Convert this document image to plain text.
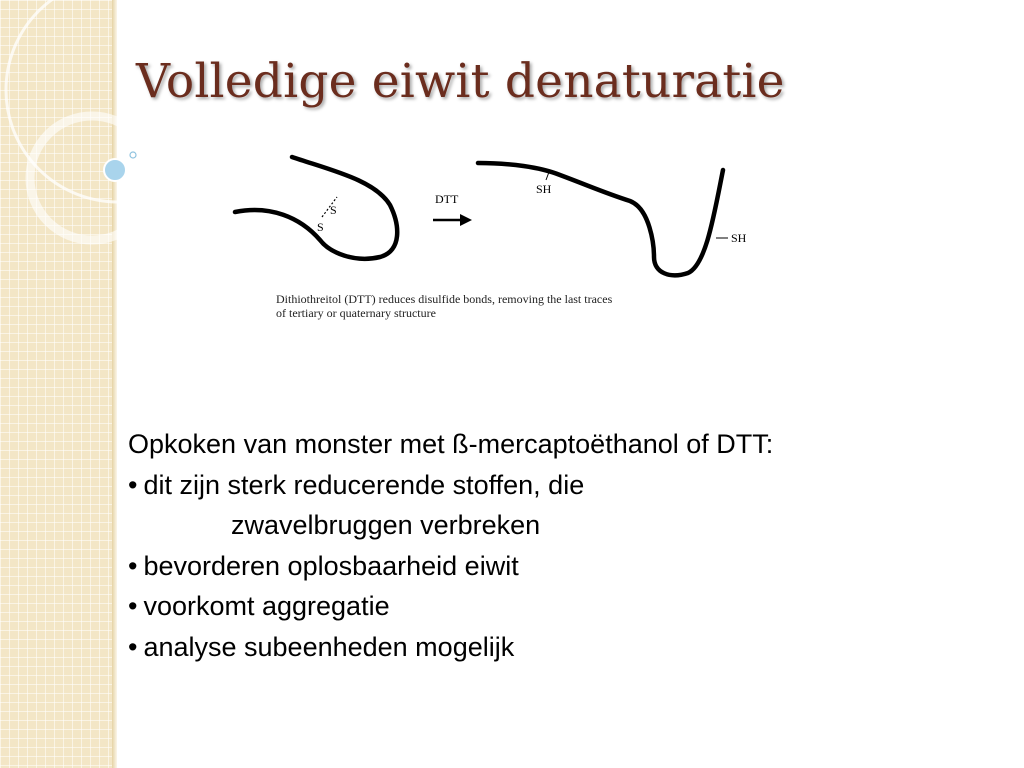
Volledige eiwit denaturatie
S
S
DTT
SH
SH

Dithiothreitol (DTT) reduces disulfide bonds, removing the last traces
of tertiary or quaternary structure

Opkoken van monster met ß-mercaptoëthanol of DTT:

• dit zijn sterk reducerende stoffen, die

zwavelbruggen verbreken

• bevorderen oplosbaarheid eiwit

• voorkomt aggregatie

• analyse subeenheden mogelijk
